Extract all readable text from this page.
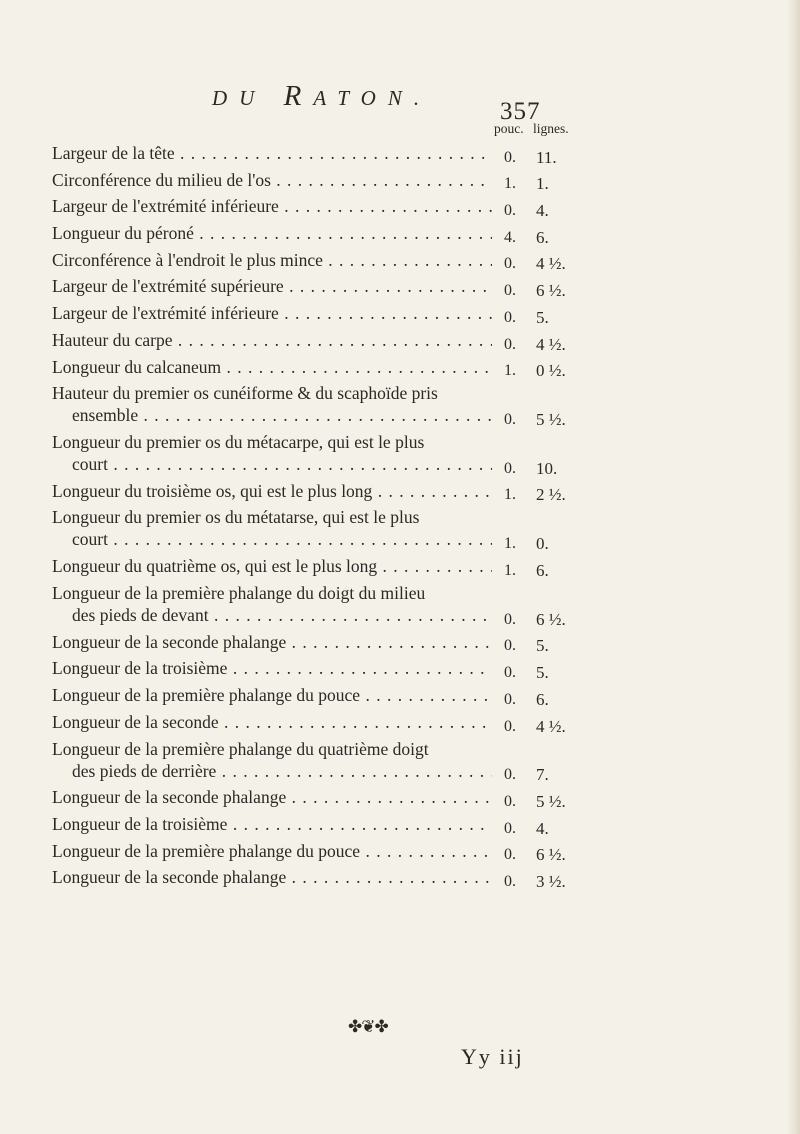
DU RATON.	357
pouc. lignes.
Largeur de la tête . . .	0. 11.
Circonférence du milieu de l'os . . .	1. 1.
Largeur de l'extrémité inférieure . . .	0. 4.
Longueur du péroné . . .	4. 6.
Circonférence à l'endroit le plus mince . . .	0. 4 ½.
Largeur de l'extrémité supérieure . . .	0. 6 ½.
Largeur de l'extrémité inférieure . . .	0. 5.
Hauteur du carpe . . .	0. 4 ½.
Longueur du calcaneum . . .	1. 0 ½.
Hauteur du premier os cunéiforme & du scaphoïde pris
ensemble . . .	0. 5 ½.
Longueur du premier os du métacarpe, qui est le plus
court . . .	0. 10.
Longueur du troisième os, qui est le plus long . . .	1. 2 ½.
Longueur du premier os du métatarse, qui est le plus
court . . .	1. 0.
Longueur du quatrième os, qui est le plus long . . .	1. 6.
Longueur de la première phalange du doigt du milieu
des pieds de devant . . .	0. 6 ½.
Longueur de la seconde phalange . . .	0. 5.
Longueur de la troisième . . .	0. 5.
Longueur de la première phalange du pouce . . .	0. 6.
Longueur de la seconde . . .	0. 4 ½.
Longueur de la première phalange du quatrième doigt
des pieds de derrière . . .	0. 7.
Longueur de la seconde phalange . . .	0. 5 ½.
Longueur de la troisième . . .	0. 4.
Longueur de la première phalange du pouce . . .	0. 6 ½.
Longueur de la seconde phalange . . .	0. 3 ½.
✤❦✤
Yy iij
